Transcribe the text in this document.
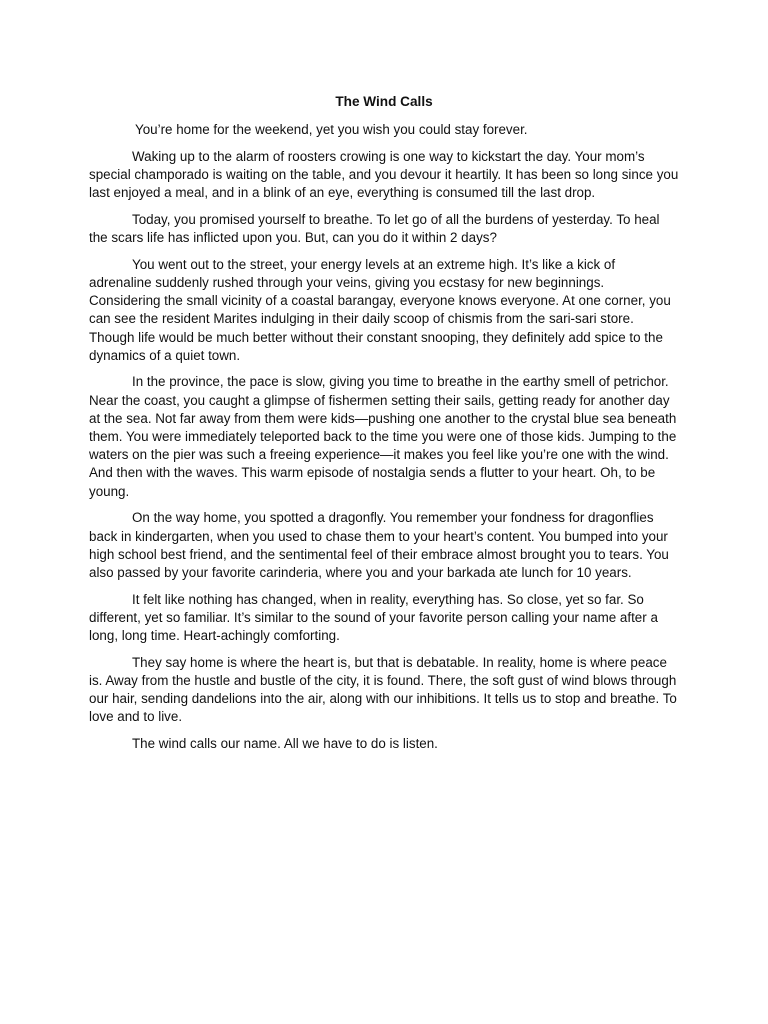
The Wind Calls

You’re home for the weekend, yet you wish you could stay forever.

Waking up to the alarm of roosters crowing is one way to kickstart the day. Your mom’s special champorado is waiting on the table, and you devour it heartily. It has been so long since you last enjoyed a meal, and in a blink of an eye, everything is consumed till the last drop.

Today, you promised yourself to breathe. To let go of all the burdens of yesterday. To heal the scars life has inflicted upon you. But, can you do it within 2 days?

You went out to the street, your energy levels at an extreme high. It’s like a kick of adrenaline suddenly rushed through your veins, giving you ecstasy for new beginnings. Considering the small vicinity of a coastal barangay, everyone knows everyone. At one corner, you can see the resident Marites indulging in their daily scoop of chismis from the sari-sari store. Though life would be much better without their constant snooping, they definitely add spice to the dynamics of a quiet town.

In the province, the pace is slow, giving you time to breathe in the earthy smell of petrichor. Near the coast, you caught a glimpse of fishermen setting their sails, getting ready for another day at the sea. Not far away from them were kids—pushing one another to the crystal blue sea beneath them. You were immediately teleported back to the time you were one of those kids. Jumping to the waters on the pier was such a freeing experience—it makes you feel like you’re one with the wind. And then with the waves. This warm episode of nostalgia sends a flutter to your heart. Oh, to be young.

On the way home, you spotted a dragonfly. You remember your fondness for dragonflies back in kindergarten, when you used to chase them to your heart’s content. You bumped into your high school best friend, and the sentimental feel of their embrace almost brought you to tears. You also passed by your favorite carinderia, where you and your barkada ate lunch for 10 years.

It felt like nothing has changed, when in reality, everything has. So close, yet so far. So different, yet so familiar. It’s similar to the sound of your favorite person calling your name after a long, long time. Heart-achingly comforting.

They say home is where the heart is, but that is debatable. In reality, home is where peace is. Away from the hustle and bustle of the city, it is found. There, the soft gust of wind blows through our hair, sending dandelions into the air, along with our inhibitions. It tells us to stop and breathe. To love and to live.

The wind calls our name. All we have to do is listen.
